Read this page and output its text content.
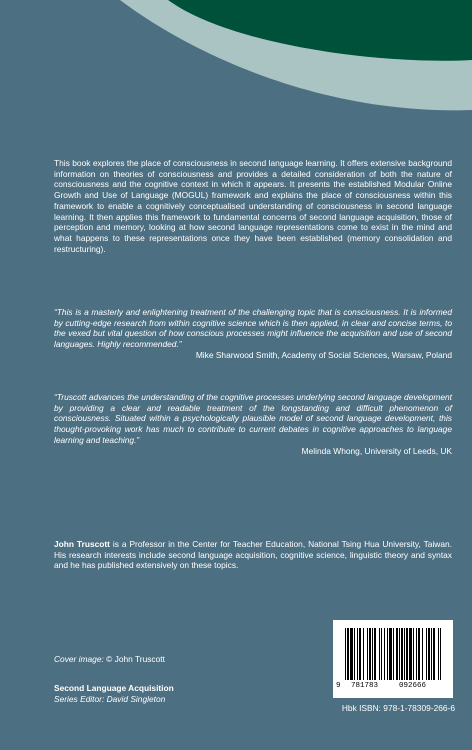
This book explores the place of consciousness in second language learning. It offers extensive background information on theories of consciousness and provides a detailed consideration of both the nature of consciousness and the cognitive context in which it appears. It presents the established Modular Online Growth and Use of Language (MOGUL) framework and explains the place of consciousness within this framework to enable a cognitively conceptualised understanding of consciousness in second language learning. It then applies this framework to fundamental concerns of second language acquisition, those of perception and memory, looking at how second language representations come to exist in the mind and what happens to these representations once they have been established (memory consolidation and restructuring).
“This is a masterly and enlightening treatment of the challenging topic that is consciousness. It is informed by cutting-edge research from within cognitive science which is then applied, in clear and concise terms, to the vexed but vital question of how conscious processes might influence the acquisition and use of second languages. Highly recommended.”
Mike Sharwood Smith, Academy of Social Sciences, Warsaw, Poland
“Truscott advances the understanding of the cognitive processes underlying second language development by providing a clear and readable treatment of the longstanding and difficult phenomenon of consciousness. Situated within a psychologically plausible model of second language development, this thought-provoking work has much to contribute to current debates in cognitive approaches to language learning and teaching.”
Melinda Whong, University of Leeds, UK
John Truscott is a Professor in the Center for Teacher Education, National Tsing Hua University, Taiwan. His research interests include second language acquisition, cognitive science, linguistic theory and syntax and he has published extensively on these topics.
Cover image: © John Truscott
Second Language Acquisition
Series Editor: David Singleton
9 781783	092666
Hbk ISBN: 978-1-78309-266-6
